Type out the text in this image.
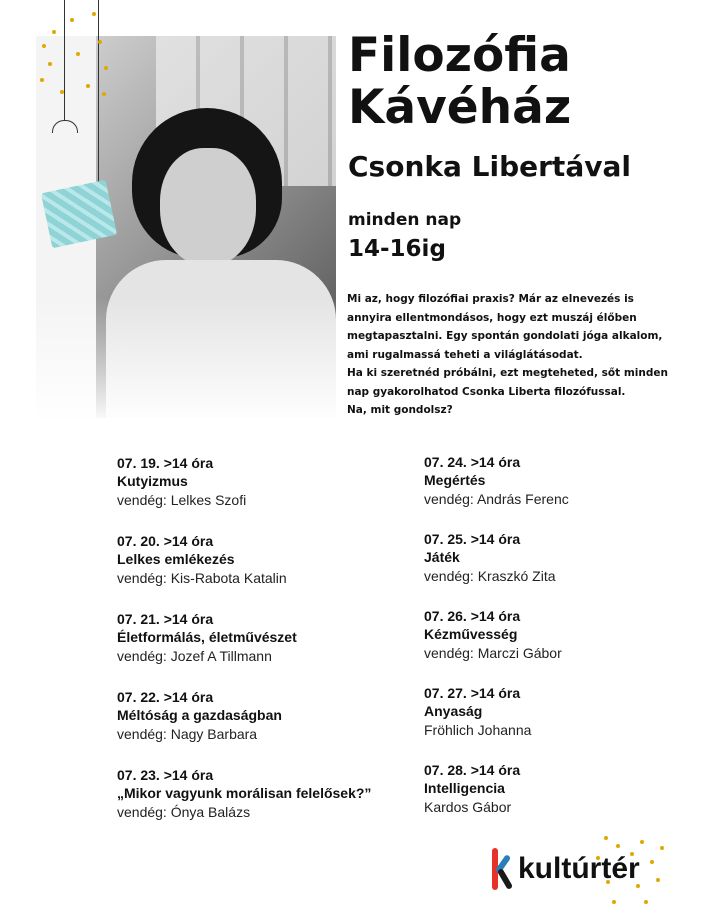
Filozófia
Kávéház
Csonka Libertával
minden nap
14-16ig

Mi az, hogy filozófiai praxis? Már az elnevezés is

annyira ellentmondásos, hogy ezt muszáj élőben

megtapasztalni. Egy spontán gondolati jóga alkalom,

ami rugalmassá teheti a világlátásodat.

Ha ki szeretnéd próbálni, ezt megteheted, sőt minden

nap gyakorolhatod Csonka Liberta filozófussal.

Na, mit gondolsz?

07. 19. >14 óra
Kutyizmus
vendég: Lelkes Szofi
07. 20. >14 óra
Lelkes emlékezés
vendég: Kis-Rabota Katalin
07. 21. >14 óra
Életformálás, életművészet
vendég: Jozef A Tillmann
07. 22. >14 óra
Méltóság a gazdaságban
vendég: Nagy Barbara
07. 23. >14 óra
„Mikor vagyunk morálisan felelősek?”
vendég: Ónya Balázs
07. 24. >14 óra
Megértés
vendég: András Ferenc
07. 25. >14 óra
Játék
vendég: Kraszkó Zita
07. 26. >14 óra
Kézművesség
vendég: Marczi Gábor
07. 27. >14 óra
Anyaság
Fröhlich Johanna
07. 28. >14 óra
Intelligencia
Kardos Gábor
kultúrtér
